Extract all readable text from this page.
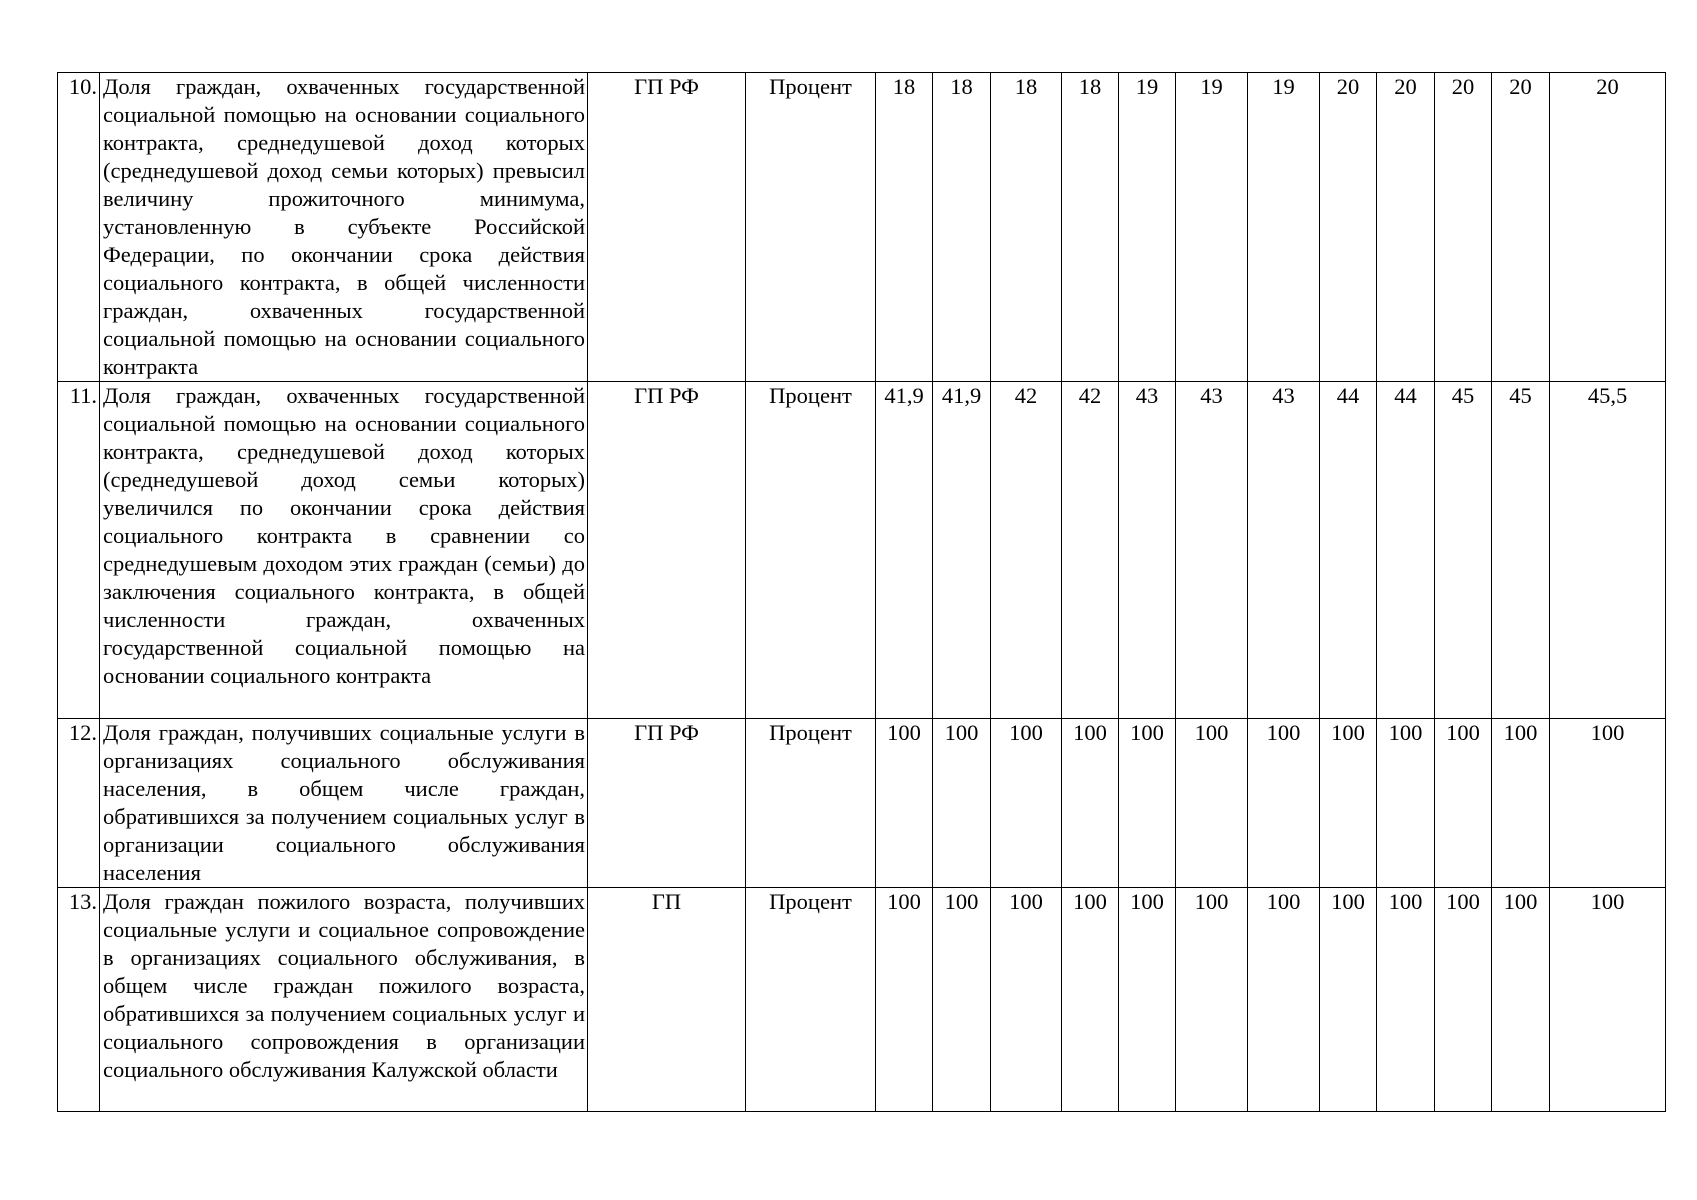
10.	Доля граждан, охваченных государственной социальной помощью на основании социального контракта, среднедушевой доход которых (среднедушевой доход семьи которых) превысил величину прожиточного минимума, установленную в субъекте Российской Федерации, по окончании срока действия социального контракта, в общей численности граждан, охваченных государственной социальной помощью на основании социального контракта	ГП РФ	Процент	18	18	18	18	19	19	19	20	20	20	20	20
11.	Доля граждан, охваченных государственной социальной помощью на основании социального контракта, среднедушевой доход которых (среднедушевой доход семьи которых) увеличился по окончании срока действия социального контракта в сравнении со среднедушевым доходом этих граждан (семьи) до заключения социального контракта, в общей численности граждан, охваченных государственной социальной помощью на основании социального контракта	ГП РФ	Процент	41,9	41,9	42	42	43	43	43	44	44	45	45	45,5
12.	Доля граждан, получивших социальные услуги в организациях социального обслуживания населения, в общем числе граждан, обратившихся за получением социальных услуг в организации социального обслуживания населения	ГП РФ	Процент	100	100	100	100	100	100	100	100	100	100	100	100
13.	Доля граждан пожилого возраста, получивших социальные услуги и социальное сопровождение в организациях социального обслуживания, в общем числе граждан пожилого возраста, обратившихся за получением социальных услуг и социального сопровождения в организации социального обслуживания Калужской области	ГП	Процент	100	100	100	100	100	100	100	100	100	100	100	100
